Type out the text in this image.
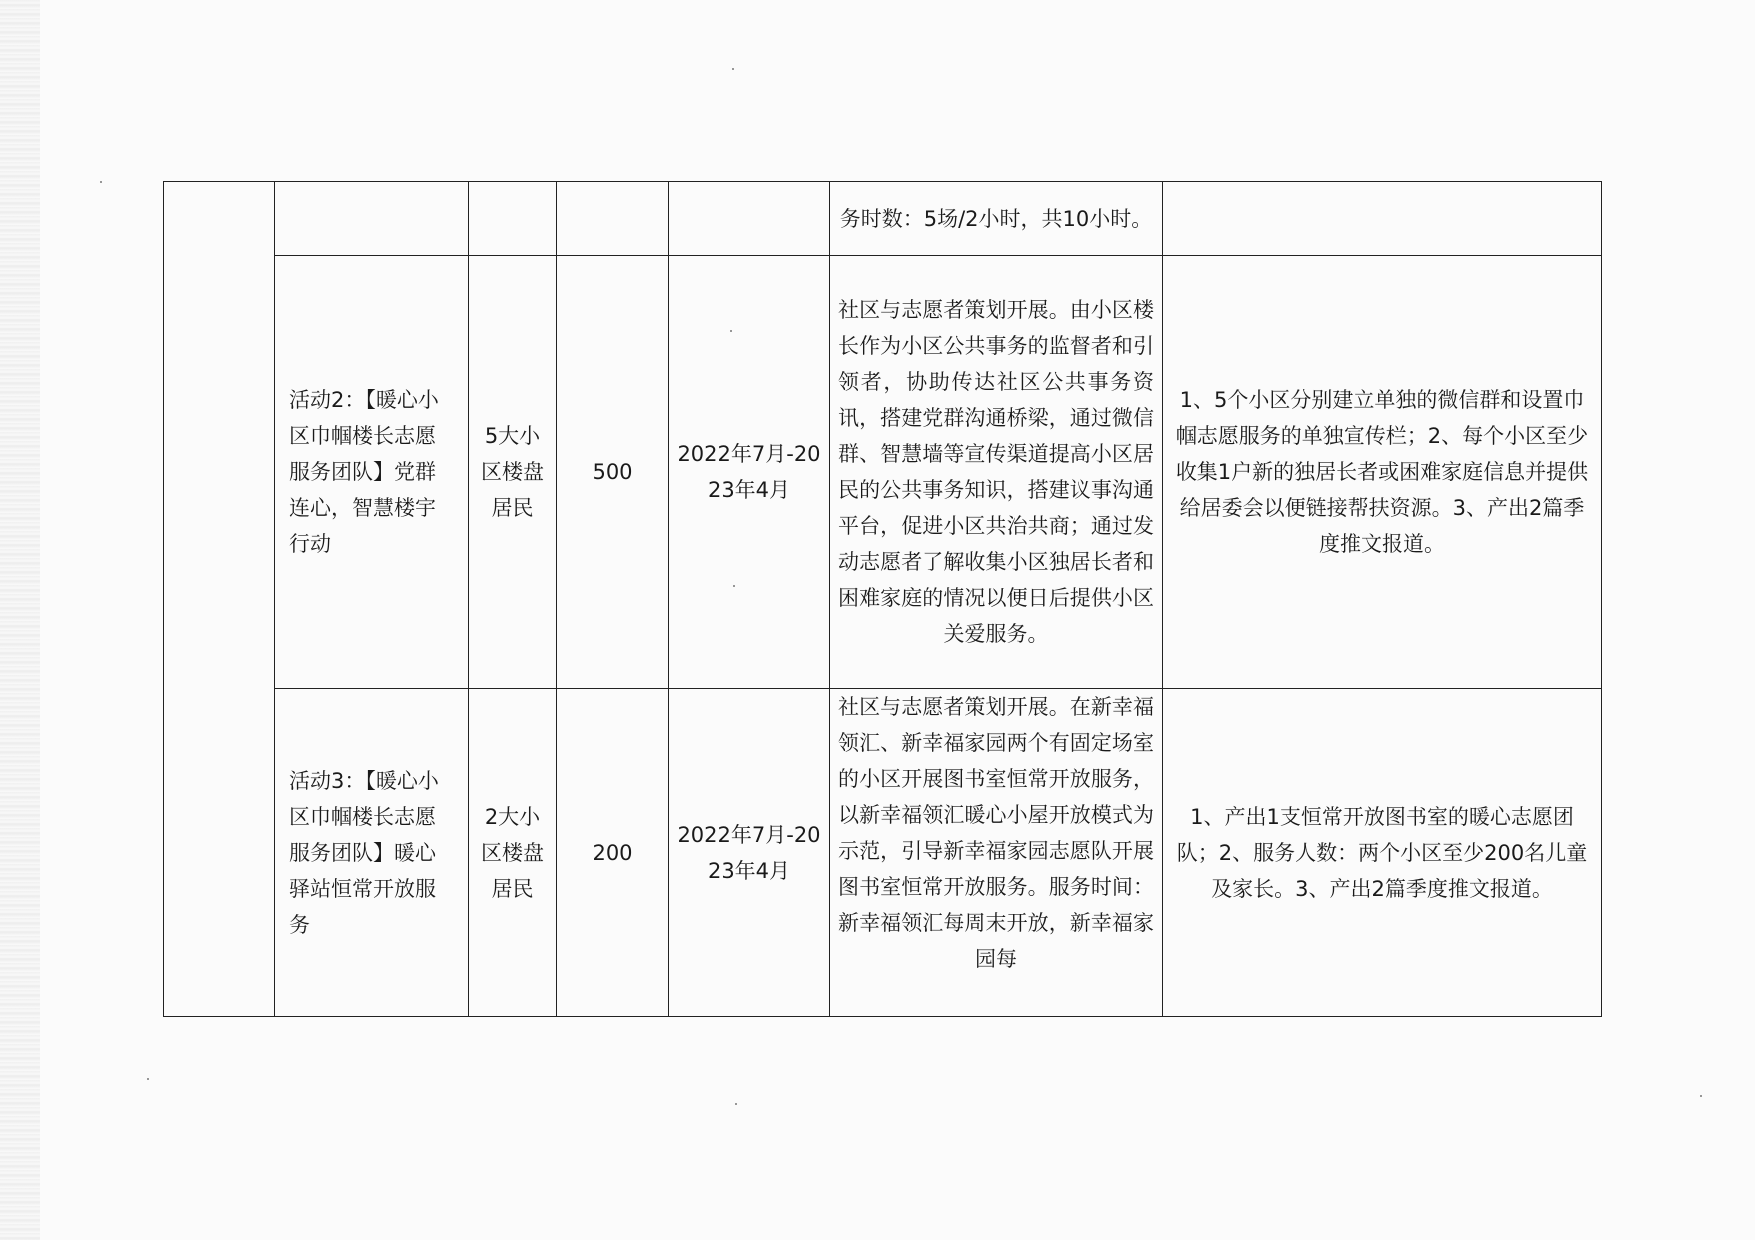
					务时数：5场/2小时，共10小时。	
	活动2：【暖心小区巾帼楼长志愿服务团队】党群连心，智慧楼宇行动	5大小区楼盘居民	500	2022年7月-2023年4月	社区与志愿者策划开展。由小区楼长作为小区公共事务的监督者和引领者，协助传达社区公共事务资讯，搭建党群沟通桥梁，通过微信群、智慧墙等宣传渠道提高小区居民的公共事务知识，搭建议事沟通平台，促进小区共治共商；通过发动志愿者了解收集小区独居长者和困难家庭的情况以便日后提供小区关爱服务。	1、5个小区分别建立单独的微信群和设置巾帼志愿服务的单独宣传栏；2、每个小区至少收集1户新的独居长者或困难家庭信息并提供给居委会以便链接帮扶资源。3、产出2篇季度推文报道。
	活动3：【暖心小区巾帼楼长志愿服务团队】暖心驿站恒常开放服务	2大小区楼盘居民	200	2022年7月-2023年4月	社区与志愿者策划开展。在新幸福领汇、新幸福家园两个有固定场室的小区开展图书室恒常开放服务，以新幸福领汇暖心小屋开放模式为示范，引导新幸福家园志愿队开展图书室恒常开放服务。服务时间：新幸福领汇每周末开放，新幸福家园每	1、产出1支恒常开放图书室的暖心志愿团队；2、服务人数：两个小区至少200名儿童及家长。3、产出2篇季度推文报道。
